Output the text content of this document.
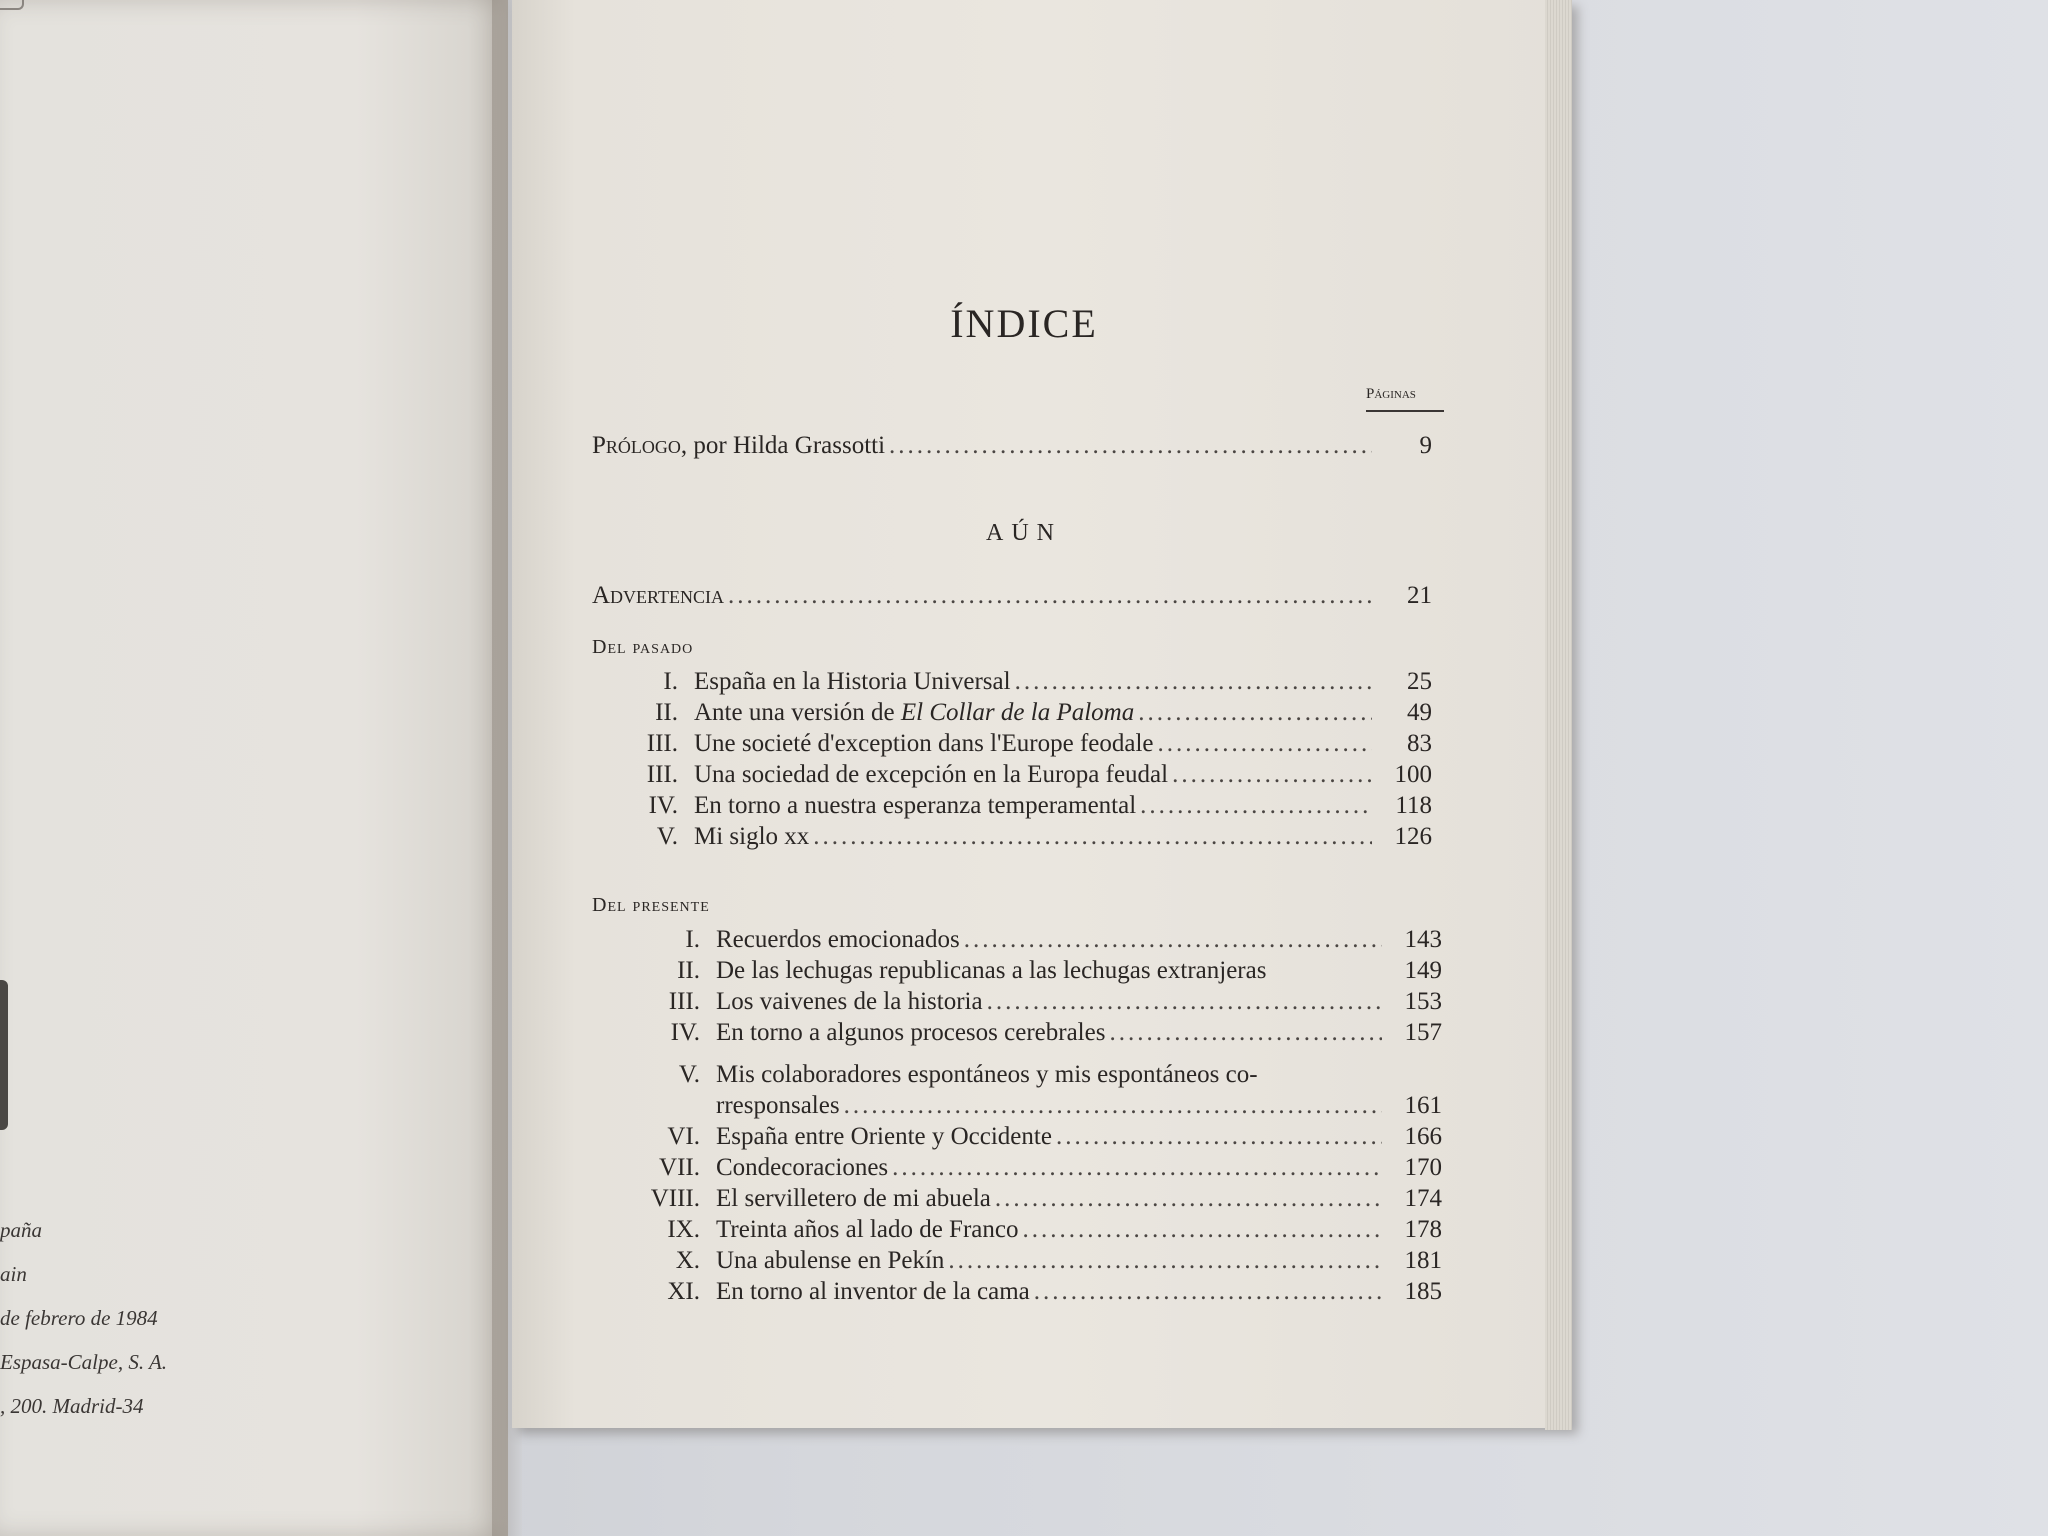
paña
ain
de febrero de 1984
Espasa-Calpe, S. A.
, 200. Madrid-34
ÍNDICE
Páginas
Prólogo, por Hilda Grassotti .....	9
AÚN
Advertencia .....	21
Del pasado
I. España en la Historia Universal .....	25
II. Ante una versión de El Collar de la Paloma .....	49
III. Une societé d'exception dans l'Europe feodale .....	83
III. Una sociedad de excepción en la Europa feudal .....	100
IV. En torno a nuestra esperanza temperamental .....	118
V. Mi siglo xx .....	126
Del presente
I. Recuerdos emocionados .....	143
II. De las lechugas republicanas a las lechugas extranjeras	149
III. Los vaivenes de la historia .....	153
IV. En torno a algunos procesos cerebrales .....	157
V. Mis colaboradores espontáneos y mis espontáneos co-
rresponsales .....	161
VI. España entre Oriente y Occidente .....	166
VII. Condecoraciones .....	170
VIII. El servilletero de mi abuela .....	174
IX. Treinta años al lado de Franco .....	178
X. Una abulense en Pekín .....	181
XI. En torno al inventor de la cama .....	185
